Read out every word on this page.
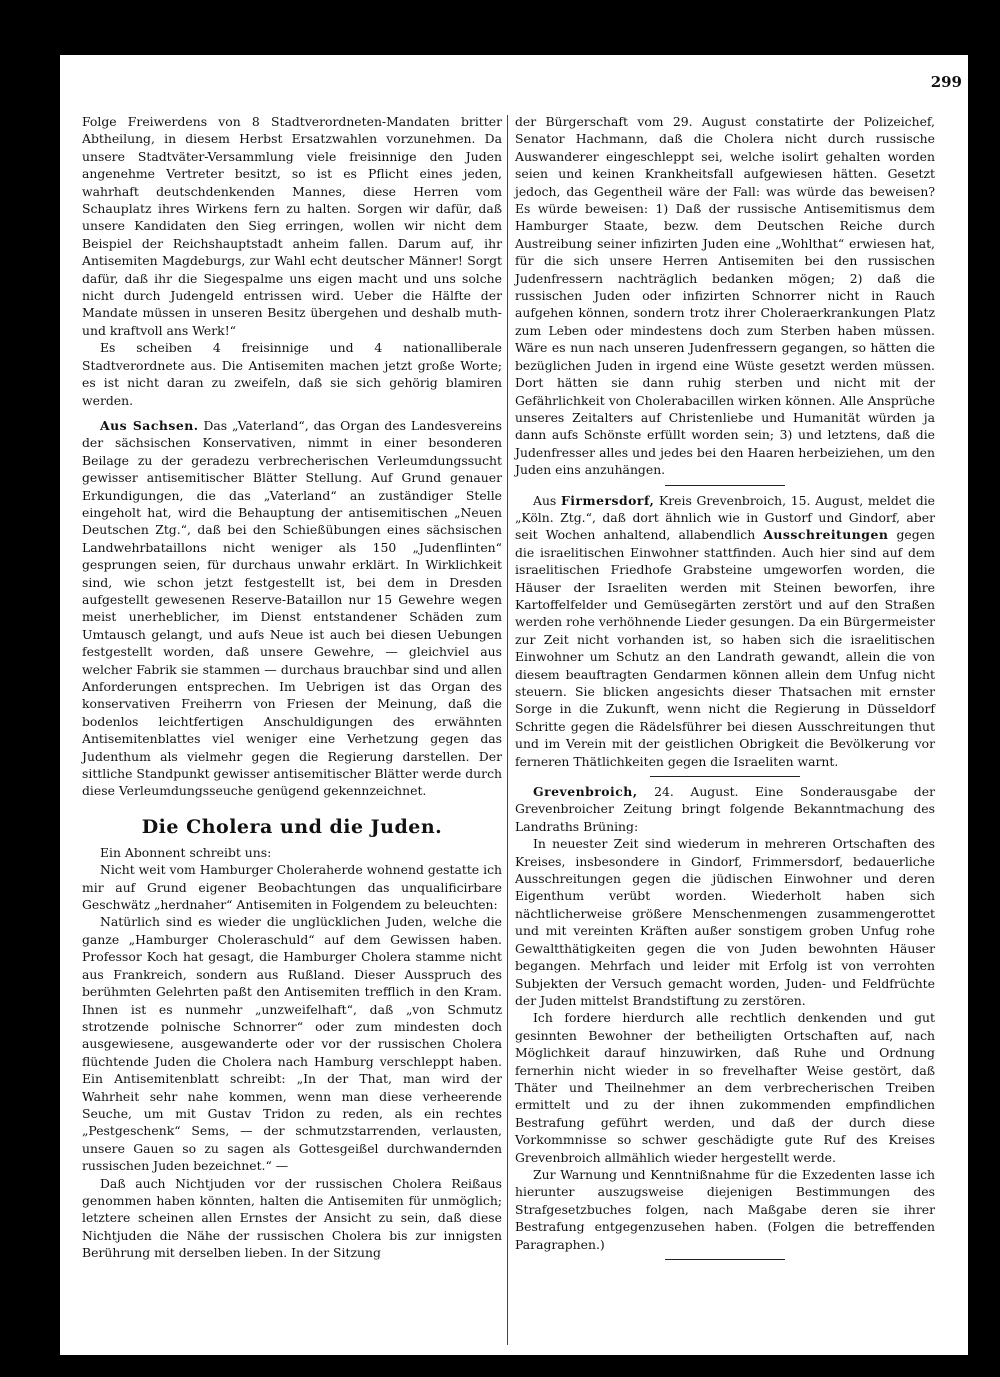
299

Folge Freiwerdens von 8 Stadtverordneten-Mandaten britter Abtheilung, in diesem Herbst Ersatzwahlen vorzunehmen. Da unsere Stadtväter-Versammlung viele freisinnige den Juden angenehme Vertreter besitzt, so ist es Pflicht eines jeden, wahrhaft deutschdenkenden Mannes, diese Herren vom Schauplatz ihres Wirkens fern zu halten. Sorgen wir dafür, daß unsere Kandidaten den Sieg erringen, wollen wir nicht dem Beispiel der Reichshauptstadt anheim fallen. Darum auf, ihr Antisemiten Magdeburgs, zur Wahl echt deutscher Männer! Sorgt dafür, daß ihr die Siegespalme uns eigen macht und uns solche nicht durch Judengeld entrissen wird. Ueber die Hälfte der Mandate müssen in unseren Besitz übergehen und deshalb muth- und kraftvoll ans Werk!“

Es scheiben 4 freisinnige und 4 nationalliberale Stadtverordnete aus. Die Antisemiten machen jetzt große Worte; es ist nicht daran zu zweifeln, daß sie sich gehörig blamiren werden.

Aus Sachsen. Das „Vaterland“, das Organ des Landesvereins der sächsischen Konservativen, nimmt in einer besonderen Beilage zu der geradezu verbrecherischen Verleumdungssucht gewisser antisemitischer Blätter Stellung. Auf Grund genauer Erkundigungen, die das „Vaterland“ an zuständiger Stelle eingeholt hat, wird die Behauptung der antisemitischen „Neuen Deutschen Ztg.“, daß bei den Schießübungen eines sächsischen Landwehrbataillons nicht weniger als 150 „Judenflinten“ gesprungen seien, für durchaus unwahr erklärt. In Wirklichkeit sind, wie schon jetzt festgestellt ist, bei dem in Dresden aufgestellt gewesenen Reserve-Bataillon nur 15 Gewehre wegen meist unerheblicher, im Dienst entstandener Schäden zum Umtausch gelangt, und aufs Neue ist auch bei diesen Uebungen festgestellt worden, daß unsere Gewehre, — gleichviel aus welcher Fabrik sie stammen — durchaus brauchbar sind und allen Anforderungen entsprechen. Im Uebrigen ist das Organ des konservativen Freiherrn von Friesen der Meinung, daß die bodenlos leichtfertigen Anschuldigungen des erwähnten Antisemitenblattes viel weniger eine Verhetzung gegen das Judenthum als vielmehr gegen die Regierung darstellen. Der sittliche Standpunkt gewisser antisemitischer Blätter werde durch diese Verleumdungsseuche genügend gekennzeichnet.

Die Cholera und die Juden.

Ein Abonnent schreibt uns:

Nicht weit vom Hamburger Choleraherde wohnend gestatte ich mir auf Grund eigener Beobachtungen das unqualificirbare Geschwätz „herdnaher“ Antisemiten in Folgendem zu beleuchten:

Natürlich sind es wieder die unglücklichen Juden, welche die ganze „Hamburger Choleraschuld“ auf dem Gewissen haben. Professor Koch hat gesagt, die Hamburger Cholera stamme nicht aus Frankreich, sondern aus Rußland. Dieser Ausspruch des berühmten Gelehrten paßt den Antisemiten trefflich in den Kram. Ihnen ist es nunmehr „unzweifelhaft“, daß „von Schmutz strotzende polnische Schnorrer“ oder zum mindesten doch ausgewiesene, ausgewanderte oder vor der russischen Cholera flüchtende Juden die Cholera nach Hamburg verschleppt haben. Ein Antisemitenblatt schreibt: „In der That, man wird der Wahrheit sehr nahe kommen, wenn man diese verheerende Seuche, um mit Gustav Tridon zu reden, als ein rechtes „Pestgeschenk“ Sems, — der schmutzstarrenden, verlausten, unsere Gauen so zu sagen als Gottesgeißel durchwandernden russischen Juden bezeichnet.“ —

Daß auch Nichtjuden vor der russischen Cholera Reißaus genommen haben könnten, halten die Antisemiten für unmöglich; letztere scheinen allen Ernstes der Ansicht zu sein, daß diese Nichtjuden die Nähe der russischen Cholera bis zur innigsten Berührung mit derselben lieben. In der Sitzung

der Bürgerschaft vom 29. August constatirte der Polizeichef, Senator Hachmann, daß die Cholera nicht durch russische Auswanderer eingeschleppt sei, welche isolirt gehalten worden seien und keinen Krankheitsfall aufgewiesen hätten. Gesetzt jedoch, das Gegentheil wäre der Fall: was würde das beweisen? Es würde beweisen: 1) Daß der russische Antisemitismus dem Hamburger Staate, bezw. dem Deutschen Reiche durch Austreibung seiner infizirten Juden eine „Wohlthat“ erwiesen hat, für die sich unsere Herren Antisemiten bei den russischen Judenfressern nachträglich bedanken mögen; 2) daß die russischen Juden oder infizirten Schnorrer nicht in Rauch aufgehen können, sondern trotz ihrer Cholerаerkrankungen Platz zum Leben oder mindestens doch zum Sterben haben müssen. Wäre es nun nach unseren Judenfressern gegangen, so hätten die bezüglichen Juden in irgend eine Wüste gesetzt werden müssen. Dort hätten sie dann ruhig sterben und nicht mit der Gefährlichkeit von Cholerabacillen wirken können. Alle Ansprüche unseres Zeitalters auf Christenliebe und Humanität würden ja dann aufs Schönste erfüllt worden sein; 3) und letztens, daß die Judenfresser alles und jedes bei den Haaren herbeiziehen, um den Juden eins anzuhängen.

Aus Firmersdorf, Kreis Grevenbroich, 15. August, meldet die „Köln. Ztg.“, daß dort ähnlich wie in Gustorf und Gindorf, aber seit Wochen anhaltend, allabendlich Ausschreitungen gegen die israelitischen Einwohner stattfinden. Auch hier sind auf dem israelitischen Friedhofe Grabsteine umgeworfen worden, die Häuser der Israeliten werden mit Steinen beworfen, ihre Kartoffelfelder und Gemüsegärten zerstört und auf den Straßen werden rohe verhöhnende Lieder gesungen. Da ein Bürgermeister zur Zeit nicht vorhanden ist, so haben sich die israelitischen Einwohner um Schutz an den Landrath gewandt, allein die von diesem beauftragten Gendarmen können allein dem Unfug nicht steuern. Sie blicken angesichts dieser Thatsachen mit ernster Sorge in die Zukunft, wenn nicht die Regierung in Düsseldorf Schritte gegen die Rädelsführer bei diesen Ausschreitungen thut und im Verein mit der geistlichen Obrigkeit die Bevölkerung vor ferneren Thätlichkeiten gegen die Israeliten warnt.

Grevenbroich, 24. August. Eine Sonderausgabe der Grevenbroicher Zeitung bringt folgende Bekanntmachung des Landraths Brüning:

In neuester Zeit sind wiederum in mehreren Ortschaften des Kreises, insbesondere in Gindorf, Frimmersdorf, bedauerliche Ausschreitungen gegen die jüdischen Einwohner und deren Eigenthum verübt worden. Wiederholt haben sich nächtlicherweise größere Menschenmengen zusammengerottet und mit vereinten Kräften außer sonstigem groben Unfug rohe Gewaltthätigkeiten gegen die von Juden bewohnten Häuser begangen. Mehrfach und leider mit Erfolg ist von verrohten Subjekten der Versuch gemacht worden, Juden- und Feldfrüchte der Juden mittelst Brandstiftung zu zerstören.

Ich fordere hierdurch alle rechtlich denkenden und gut gesinnten Bewohner der betheiligten Ortschaften auf, nach Möglichkeit darauf hinzuwirken, daß Ruhe und Ordnung fernerhin nicht wieder in so frevelhafter Weise gestört, daß Thäter und Theilnehmer an dem verbrecherischen Treiben ermittelt und zu der ihnen zukommenden empfindlichen Bestrafung geführt werden, und daß der durch diese Vorkommnisse so schwer geschädigte gute Ruf des Kreises Grevenbroich allmählich wieder hergestellt werde.

Zur Warnung und Kenntnißnahme für die Exzedenten lasse ich hierunter auszugsweise diejenigen Bestimmungen des Strafgesetzbuches folgen, nach Maßgabe deren sie ihrer Bestrafung entgegenzusehen haben. (Folgen die betreffenden Paragraphen.)
